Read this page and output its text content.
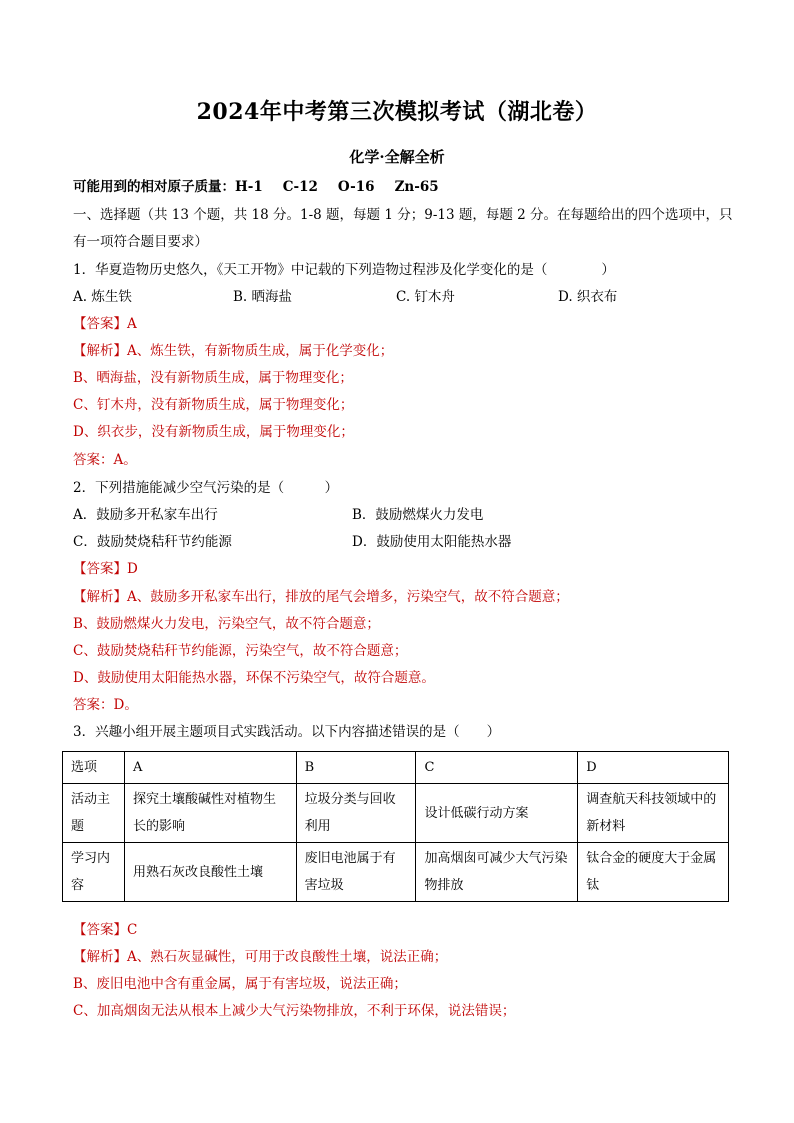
2024年中考第三次模拟考试（湖北卷）
化学·全解全析
可能用到的相对原子质量：H-1 C-12 O-16 Zn-65
一、选择题（共 13 个题，共 18 分。1-8 题，每题 1 分；9-13 题，每题 2 分。在每题给出的四个选项中，只
有一项符合题目要求）
1．华夏造物历史悠久，《天工开物》中记载的下列造物过程涉及化学变化的是（　　　　）
A. 炼生铁	B. 晒海盐	C. 钉木舟	D. 织衣布
【答案】A
【解析】A、炼生铁，有新物质生成，属于化学变化；
B、晒海盐，没有新物质生成，属于物理变化；
C、钉木舟，没有新物质生成，属于物理变化；
D、织衣步，没有新物质生成，属于物理变化；
答案：A。
2．下列措施能减少空气污染的是（　　　）
A．鼓励多开私家车出行	B．鼓励燃煤火力发电
C．鼓励焚烧秸秆节约能源	D．鼓励使用太阳能热水器
【答案】D
【解析】A、鼓励多开私家车出行，排放的尾气会增多，污染空气，故不符合题意；
B、鼓励燃煤火力发电，污染空气，故不符合题意；
C、鼓励焚烧秸秆节约能源，污染空气，故不符合题意；
D、鼓励使用太阳能热水器，环保不污染空气，故符合题意。
答案：D。
3．兴趣小组开展主题项目式实践活动。以下内容描述错误的是（　　）
选项	A	B	C	D
活动主题	探究土壤酸碱性对植物生长的影响	垃圾分类与回收利用	设计低碳行动方案	调查航天科技领域中的新材料
学习内容	用熟石灰改良酸性土壤	废旧电池属于有害垃圾	加高烟囱可减少大气污染物排放	钛合金的硬度大于金属钛
【答案】C
【解析】A、熟石灰显碱性，可用于改良酸性土壤，说法正确；
B、废旧电池中含有重金属，属于有害垃圾，说法正确；
C、加高烟囱无法从根本上减少大气污染物排放，不利于环保，说法错误；
